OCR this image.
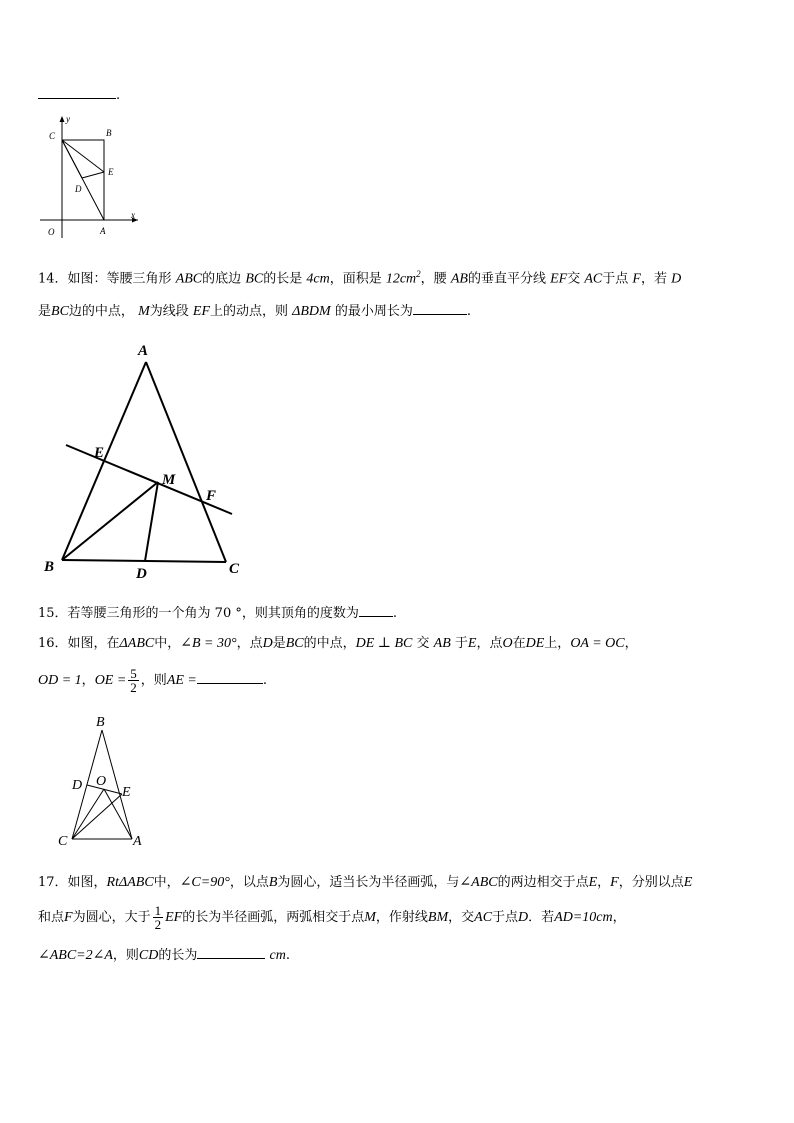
.
C	B
E
D
O	A
y
x
14．如图：等腰三角形 ABC的底边 BC的长是 4cm，面积是 $12cm^2$，腰 AB的垂直平分线 EF交 AC于点 F，若 D
是BC边的中点， M为线段 EF上的动点，则 ΔBDM 的最小周长为	.
A
E
M
F
B	D	C
15．若等腰三角形的一个角为 70 °，则其顶角的度数为	.
16．如图，在ΔABC中，∠B = 30°，点D是BC的中点，DE ⊥ BC 交 AB 于E，点O在DE上，OA = OC，
OD = 1，OE = $\frac{5}{2}$ ，则AE =	.
B
D O
E
C	A
17．如图，RtΔABC中，∠C=90°，以点B为圆心，适当长为半径画弧，与∠ABC的两边相交于点E，F，分别以点E
和点F为圆心，大于 $\frac{1}{2}$ EF的长为半径画弧，两弧相交于点M，作射线BM，交AC于点D．若AD=10cm，
∠ABC=2∠A，则CD的长为	cm.
